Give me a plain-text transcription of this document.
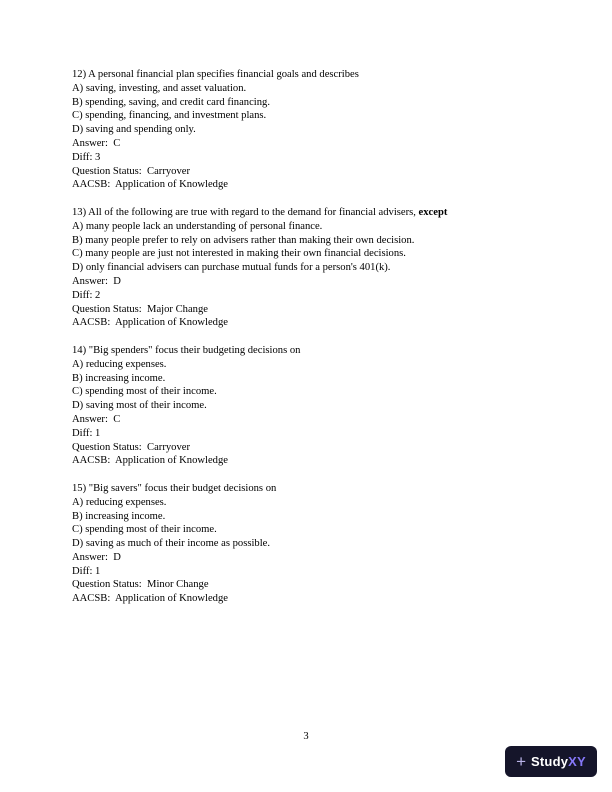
12) A personal financial plan specifies financial goals and describes

A) saving, investing, and asset valuation.

B) spending, saving, and credit card financing.

C) spending, financing, and investment plans.

D) saving and spending only.

Answer:  C

Diff: 3

Question Status:  Carryover

AACSB:  Application of Knowledge

13) All of the following are true with regard to the demand for financial advisers, except

A) many people lack an understanding of personal finance.

B) many people prefer to rely on advisers rather than making their own decision.

C) many people are just not interested in making their own financial decisions.

D) only financial advisers can purchase mutual funds for a person's 401(k).

Answer:  D

Diff: 2

Question Status:  Major Change

AACSB:  Application of Knowledge

14) "Big spenders" focus their budgeting decisions on

A) reducing expenses.

B) increasing income.

C) spending most of their income.

D) saving most of their income.

Answer:  C

Diff: 1

Question Status:  Carryover

AACSB:  Application of Knowledge

15) "Big savers" focus their budget decisions on

A) reducing expenses.

B) increasing income.

C) spending most of their income.

D) saving as much of their income as possible.

Answer:  D

Diff: 1

Question Status:  Minor Change

AACSB:  Application of Knowledge

3
+ StudyXY
